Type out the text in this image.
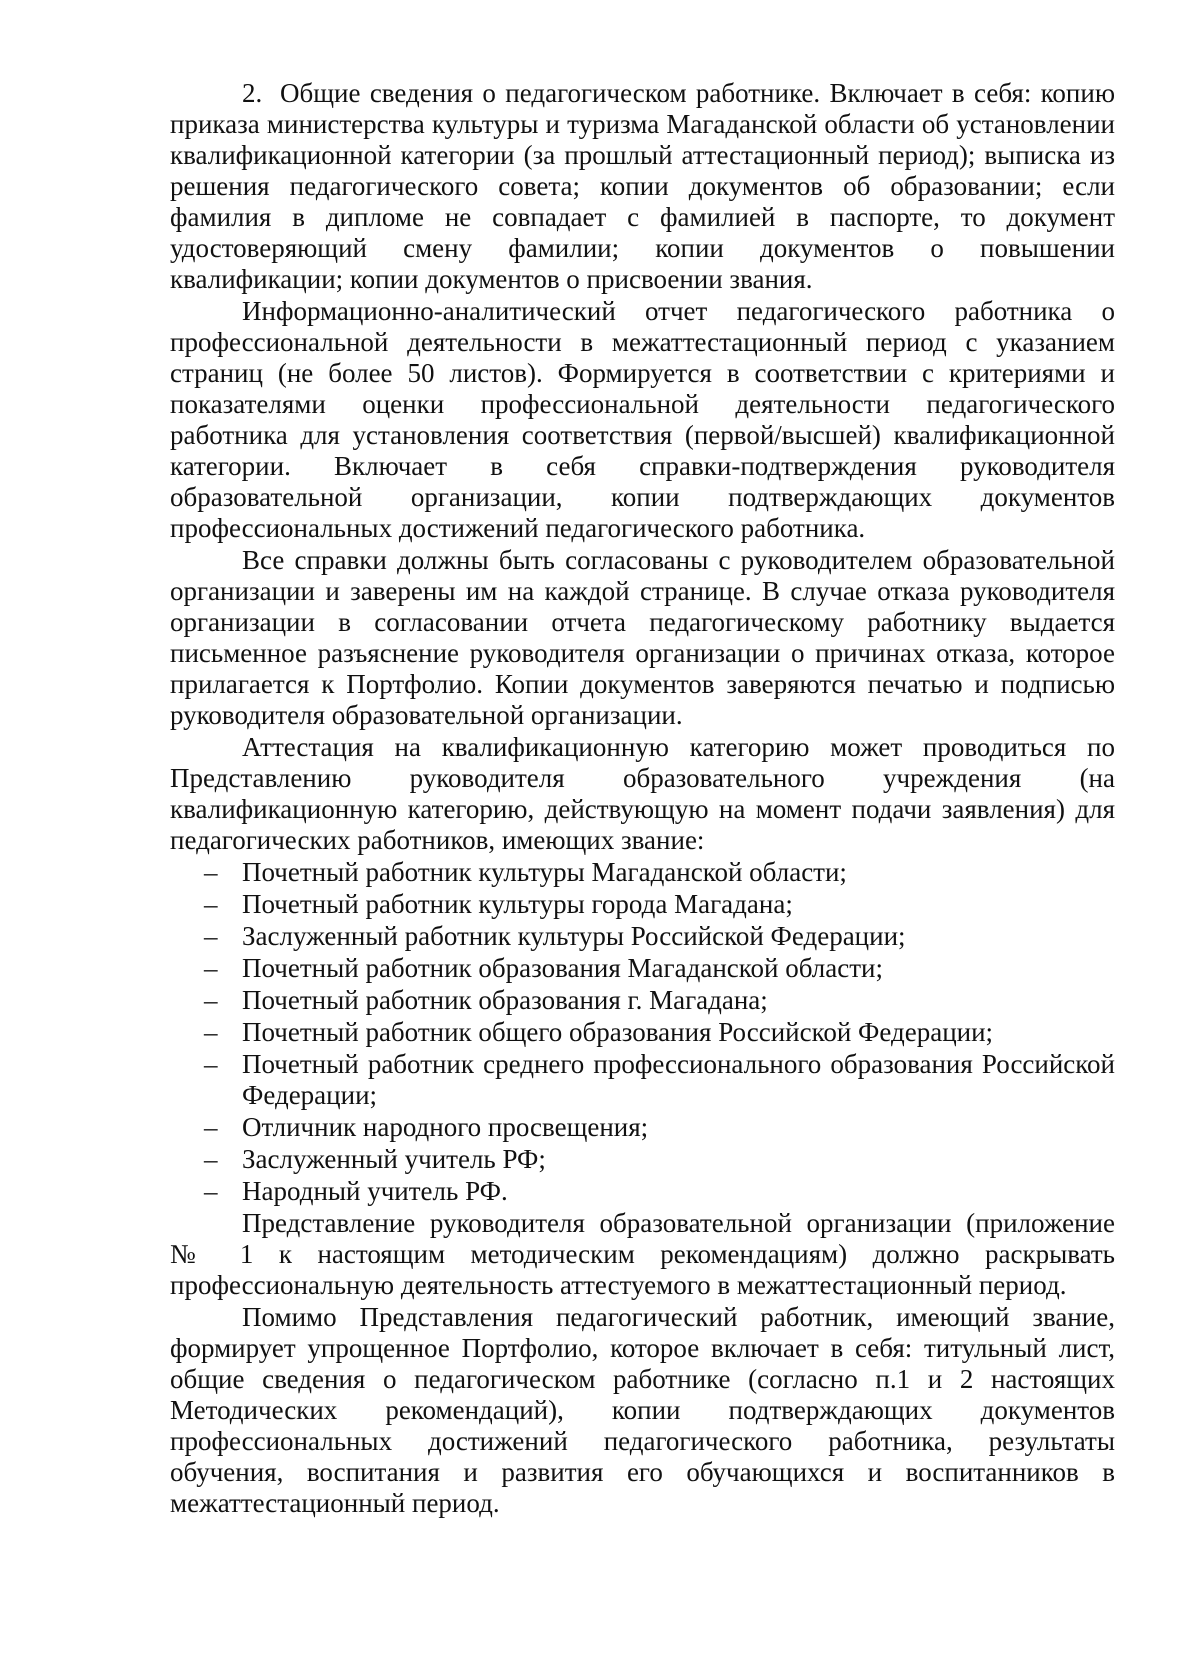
2. Общие сведения о педагогическом работнике. Включает в себя: копию приказа министерства культуры и туризма Магаданской области об установлении квалификационной категории (за прошлый аттестационный период); выписка из решения педагогического совета; копии документов об образовании; если фамилия в дипломе не совпадает с фамилией в паспорте, то документ удостоверяющий смену фамилии; копии документов о повышении квалификации; копии документов о присвоении звания.

Информационно-аналитический отчет педагогического работника о профессиональной деятельности в межаттестационный период с указанием страниц (не более 50 листов). Формируется в соответствии с критериями и показателями оценки профессиональной деятельности педагогического работника для установления соответствия (первой/высшей) квалификационной категории. Включает в себя справки-подтверждения руководителя образовательной организации, копии подтверждающих документов профессиональных достижений педагогического работника.

Все справки должны быть согласованы с руководителем образовательной организации и заверены им на каждой странице. В случае отказа руководителя организации в согласовании отчета педагогическому работнику выдается письменное разъяснение руководителя организации о причинах отказа, которое прилагается к Портфолио. Копии документов заверяются печатью и подписью руководителя образовательной организации.

Аттестация на квалификационную категорию может проводиться по Представлению руководителя образовательного учреждения (на квалификационную категорию, действующую на момент подачи заявления) для педагогических работников, имеющих звание:

– Почетный работник культуры Магаданской области;
– Почетный работник культуры города Магадана;
– Заслуженный работник культуры Российской Федерации;
– Почетный работник образования Магаданской области;
– Почетный работник образования г. Магадана;
– Почетный работник общего образования Российской Федерации;
– Почетный работник среднего профессионального образования Российской Федерации;
– Отличник народного просвещения;
– Заслуженный учитель РФ;
– Народный учитель РФ.

Представление руководителя образовательной организации (приложение № 1 к настоящим методическим рекомендациям) должно раскрывать профессиональную деятельность аттестуемого в межаттестационный период.

Помимо Представления педагогический работник, имеющий звание, формирует упрощенное Портфолио, которое включает в себя: титульный лист, общие сведения о педагогическом работнике (согласно п.1 и 2 настоящих Методических рекомендаций), копии подтверждающих документов профессиональных достижений педагогического работника, результаты обучения, воспитания и развития его обучающихся и воспитанников в межаттестационный период.
